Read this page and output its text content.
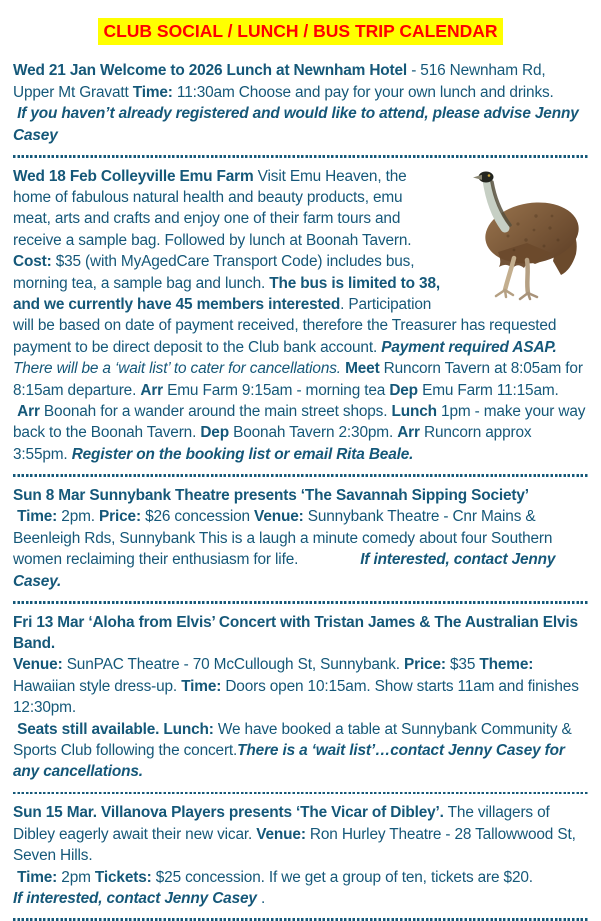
CLUB SOCIAL / LUNCH / BUS TRIP CALENDAR

Wed 21 Jan Welcome to 2026 Lunch at Newnham Hotel - 516 Newnham Rd, Upper Mt Gravatt Time: 11:30am Choose and pay for your own lunch and drinks.

If you haven’t already registered and would like to attend, please advise Jenny Casey

Wed 18 Feb Colleyville Emu Farm Visit Emu Heaven, the home of fabulous natural health and beauty products, emu meat, arts and crafts and enjoy one of their farm tours and receive a sample bag. Followed by lunch at Boonah Tavern. Cost: $35 (with MyAgedCare Transport Code) includes bus, morning tea, a sample bag and lunch. The bus is limited to 38, and we currently have 45 members interested. Participation will be based on date of payment received, therefore the Treasurer has requested payment to be direct deposit to the Club bank account. Payment required ASAP.

There will be a ‘wait list’ to cater for cancellations. Meet Runcorn Tavern at 8:05am for 8:15am departure. Arr Emu Farm 9:15am - morning tea Dep Emu Farm 11:15am.

Arr Boonah for a wander around the main street shops. Lunch 1pm - make your way back to the Boonah Tavern. Dep Boonah Tavern 2:30pm. Arr Runcorn approx 3:55pm. Register on the booking list or email Rita Beale.

Sun 8 Mar Sunnybank Theatre presents ‘The Savannah Sipping Society’

Time: 2pm. Price: $26 concession Venue: Sunnybank Theatre - Cnr Mains & Beenleigh Rds, Sunnybank This is a laugh a minute comedy about four Southern women reclaiming their enthusiasm for life.	If interested, contact Jenny Casey.

Fri 13 Mar ‘Aloha from Elvis’ Concert with Tristan James & The Australian Elvis Band.

Venue: SunPAC Theatre - 70 McCullough St, Sunnybank. Price: $35 Theme: Hawaiian style dress-up. Time: Doors open 10:15am. Show starts 11am and finishes 12:30pm.

Seats still available. Lunch: We have booked a table at Sunnybank Community & Sports Club following the concert.There is a ‘wait list’…contact Jenny Casey for any cancellations.

Sun 15 Mar. Villanova Players presents ‘The Vicar of Dibley’. The villagers of Dibley eagerly await their new vicar. Venue: Ron Hurley Theatre - 28 Tallowwood St, Seven Hills.

Time: 2pm Tickets: $25 concession. If we get a group of ten, tickets are $20.

If interested, contact Jenny Casey .
